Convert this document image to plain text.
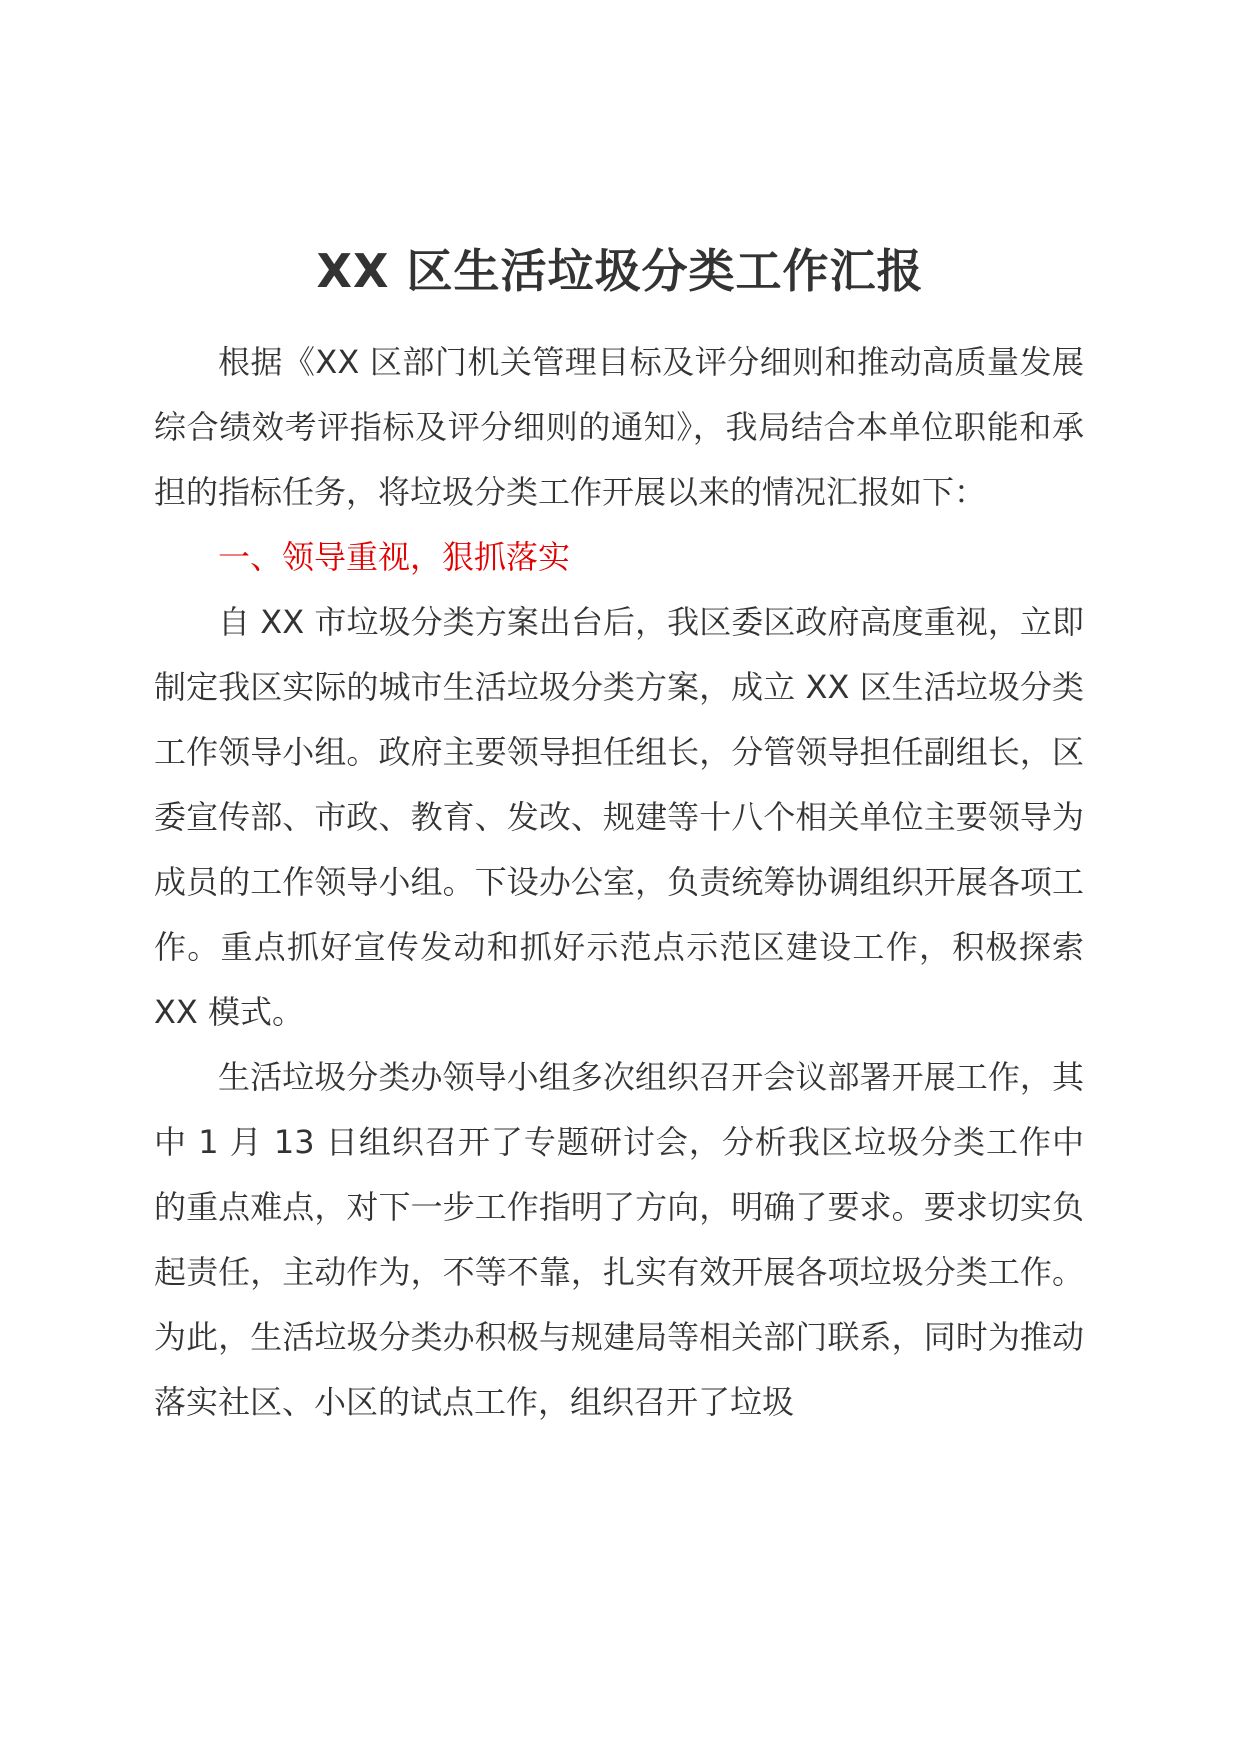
XX 区生活垃圾分类工作汇报

根据《XX 区部门机关管理目标及评分细则和推动高质量发展综合绩效考评指标及评分细则的通知》，我局结合本单位职能和承担的指标任务，将垃圾分类工作开展以来的情况汇报如下：

一、领导重视，狠抓落实

自 XX 市垃圾分类方案出台后，我区委区政府高度重视，立即制定我区实际的城市生活垃圾分类方案，成立 XX 区生活垃圾分类工作领导小组。政府主要领导担任组长，分管领导担任副组长，区委宣传部、市政、教育、发改、规建等十八个相关单位主要领导为成员的工作领导小组。下设办公室，负责统筹协调组织开展各项工作。重点抓好宣传发动和抓好示范点示范区建设工作，积极探索 XX 模式。

生活垃圾分类办领导小组多次组织召开会议部署开展工作，其中 1 月 13 日组织召开了专题研讨会，分析我区垃圾分类工作中的重点难点，对下一步工作指明了方向，明确了要求。要求切实负起责任，主动作为，不等不靠，扎实有效开展各项垃圾分类工作。为此，生活垃圾分类办积极与规建局等相关部门联系，同时为推动落实社区、小区的试点工作，组织召开了垃圾
